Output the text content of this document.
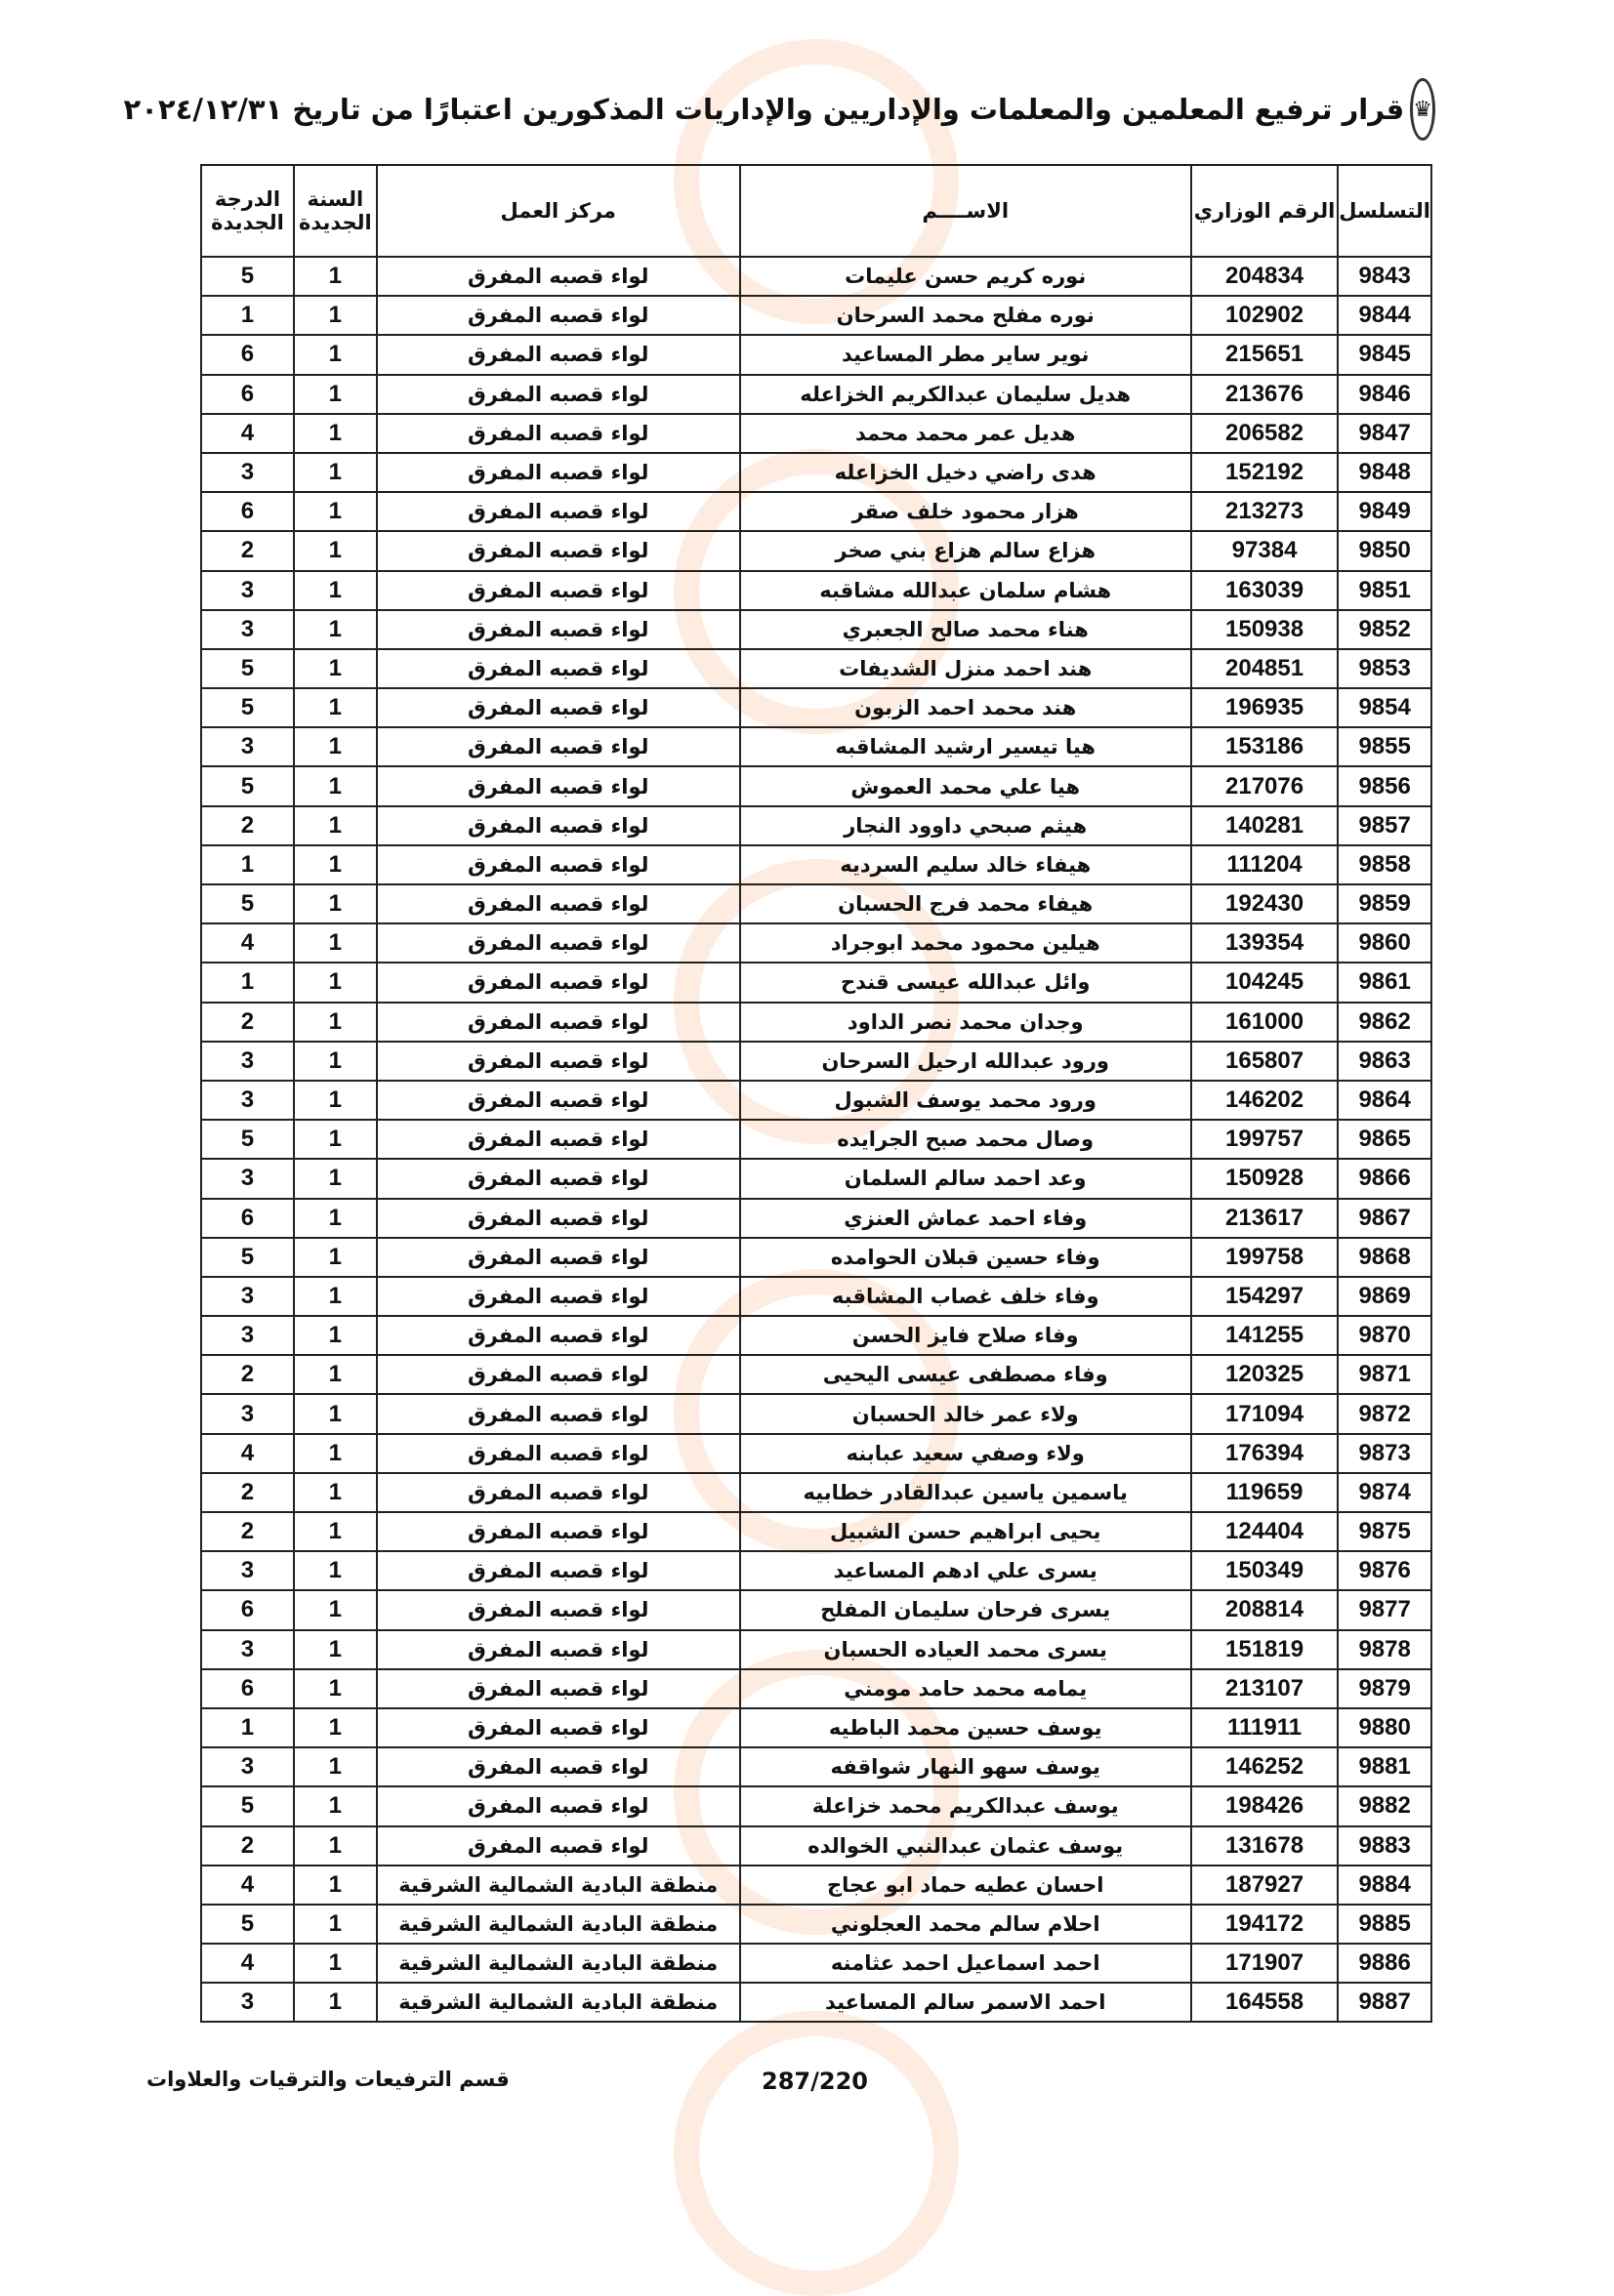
♛
قرار ترفيع المعلمين والمعلمات والإداريين والإداريات المذكورين اعتبارًا من تاريخ ٢٠٢٤/١٢/٣١
التسلسل	الرقم الوزاري	الاســــم	مركز العمل	السنة الجديدة	الدرجة الجديدة
9843	204834	نوره كريم حسن عليمات	لواء قصبه المفرق	1	5
9844	102902	نوره مفلح محمد السرحان	لواء قصبه المفرق	1	1
9845	215651	نوير ساير مطر المساعيد	لواء قصبه المفرق	1	6
9846	213676	هديل سليمان عبدالكريم الخزاعله	لواء قصبه المفرق	1	6
9847	206582	هديل عمر محمد محمد	لواء قصبه المفرق	1	4
9848	152192	هدى راضي دخيل الخزاعله	لواء قصبه المفرق	1	3
9849	213273	هزار محمود خلف صقر	لواء قصبه المفرق	1	6
9850	97384	هزاع سالم هزاع بني صخر	لواء قصبه المفرق	1	2
9851	163039	هشام سلمان عبدالله مشاقبه	لواء قصبه المفرق	1	3
9852	150938	هناء محمد صالح الجعبري	لواء قصبه المفرق	1	3
9853	204851	هند احمد منزل الشديفات	لواء قصبه المفرق	1	5
9854	196935	هند محمد احمد الزبون	لواء قصبه المفرق	1	5
9855	153186	هيا تيسير ارشيد المشاقبه	لواء قصبه المفرق	1	3
9856	217076	هيا علي محمد العموش	لواء قصبه المفرق	1	5
9857	140281	هيثم صبحي داوود النجار	لواء قصبه المفرق	1	2
9858	111204	هيفاء خالد سليم السرديه	لواء قصبه المفرق	1	1
9859	192430	هيفاء محمد فرج الحسبان	لواء قصبه المفرق	1	5
9860	139354	هيلين محمود محمد ابوجراد	لواء قصبه المفرق	1	4
9861	104245	وائل عبدالله عيسى قندح	لواء قصبه المفرق	1	1
9862	161000	وجدان محمد نصر الداود	لواء قصبه المفرق	1	2
9863	165807	ورود عبدالله ارحيل السرحان	لواء قصبه المفرق	1	3
9864	146202	ورود محمد يوسف الشبول	لواء قصبه المفرق	1	3
9865	199757	وصال محمد صبح الجرايده	لواء قصبه المفرق	1	5
9866	150928	وعد احمد سالم السلمان	لواء قصبه المفرق	1	3
9867	213617	وفاء احمد عماش العنزي	لواء قصبه المفرق	1	6
9868	199758	وفاء حسين قبلان الحوامده	لواء قصبه المفرق	1	5
9869	154297	وفاء خلف غصاب المشاقبه	لواء قصبه المفرق	1	3
9870	141255	وفاء صلاح فايز الحسن	لواء قصبه المفرق	1	3
9871	120325	وفاء مصطفى عيسى اليحيى	لواء قصبه المفرق	1	2
9872	171094	ولاء عمر خالد الحسبان	لواء قصبه المفرق	1	3
9873	176394	ولاء وصفي سعيد عبابنه	لواء قصبه المفرق	1	4
9874	119659	ياسمين ياسين عبدالقادر خطابيه	لواء قصبه المفرق	1	2
9875	124404	يحيى ابراهيم حسن الشبيل	لواء قصبه المفرق	1	2
9876	150349	يسرى علي ادهم المساعيد	لواء قصبه المفرق	1	3
9877	208814	يسرى فرحان سليمان المفلح	لواء قصبه المفرق	1	6
9878	151819	يسرى محمد العياده الحسبان	لواء قصبه المفرق	1	3
9879	213107	يمامه محمد حامد مومني	لواء قصبه المفرق	1	6
9880	111911	يوسف حسين محمد الباطيه	لواء قصبه المفرق	1	1
9881	146252	يوسف سهو النهار شواقفه	لواء قصبه المفرق	1	3
9882	198426	يوسف عبدالكريم محمد خزاعلة	لواء قصبه المفرق	1	5
9883	131678	يوسف عثمان عبدالنبي الخوالده	لواء قصبه المفرق	1	2
9884	187927	احسان عطيه حماد ابو عجاج	منطقة البادية الشمالية الشرقية	1	4
9885	194172	احلام سالم محمد العجلوني	منطقة البادية الشمالية الشرقية	1	5
9886	171907	احمد اسماعيل احمد عثامنه	منطقة البادية الشمالية الشرقية	1	4
9887	164558	احمد الاسمر سالم المساعيد	منطقة البادية الشمالية الشرقية	1	3
قسم الترفيعات والترقيات والعلاوات	287/220
